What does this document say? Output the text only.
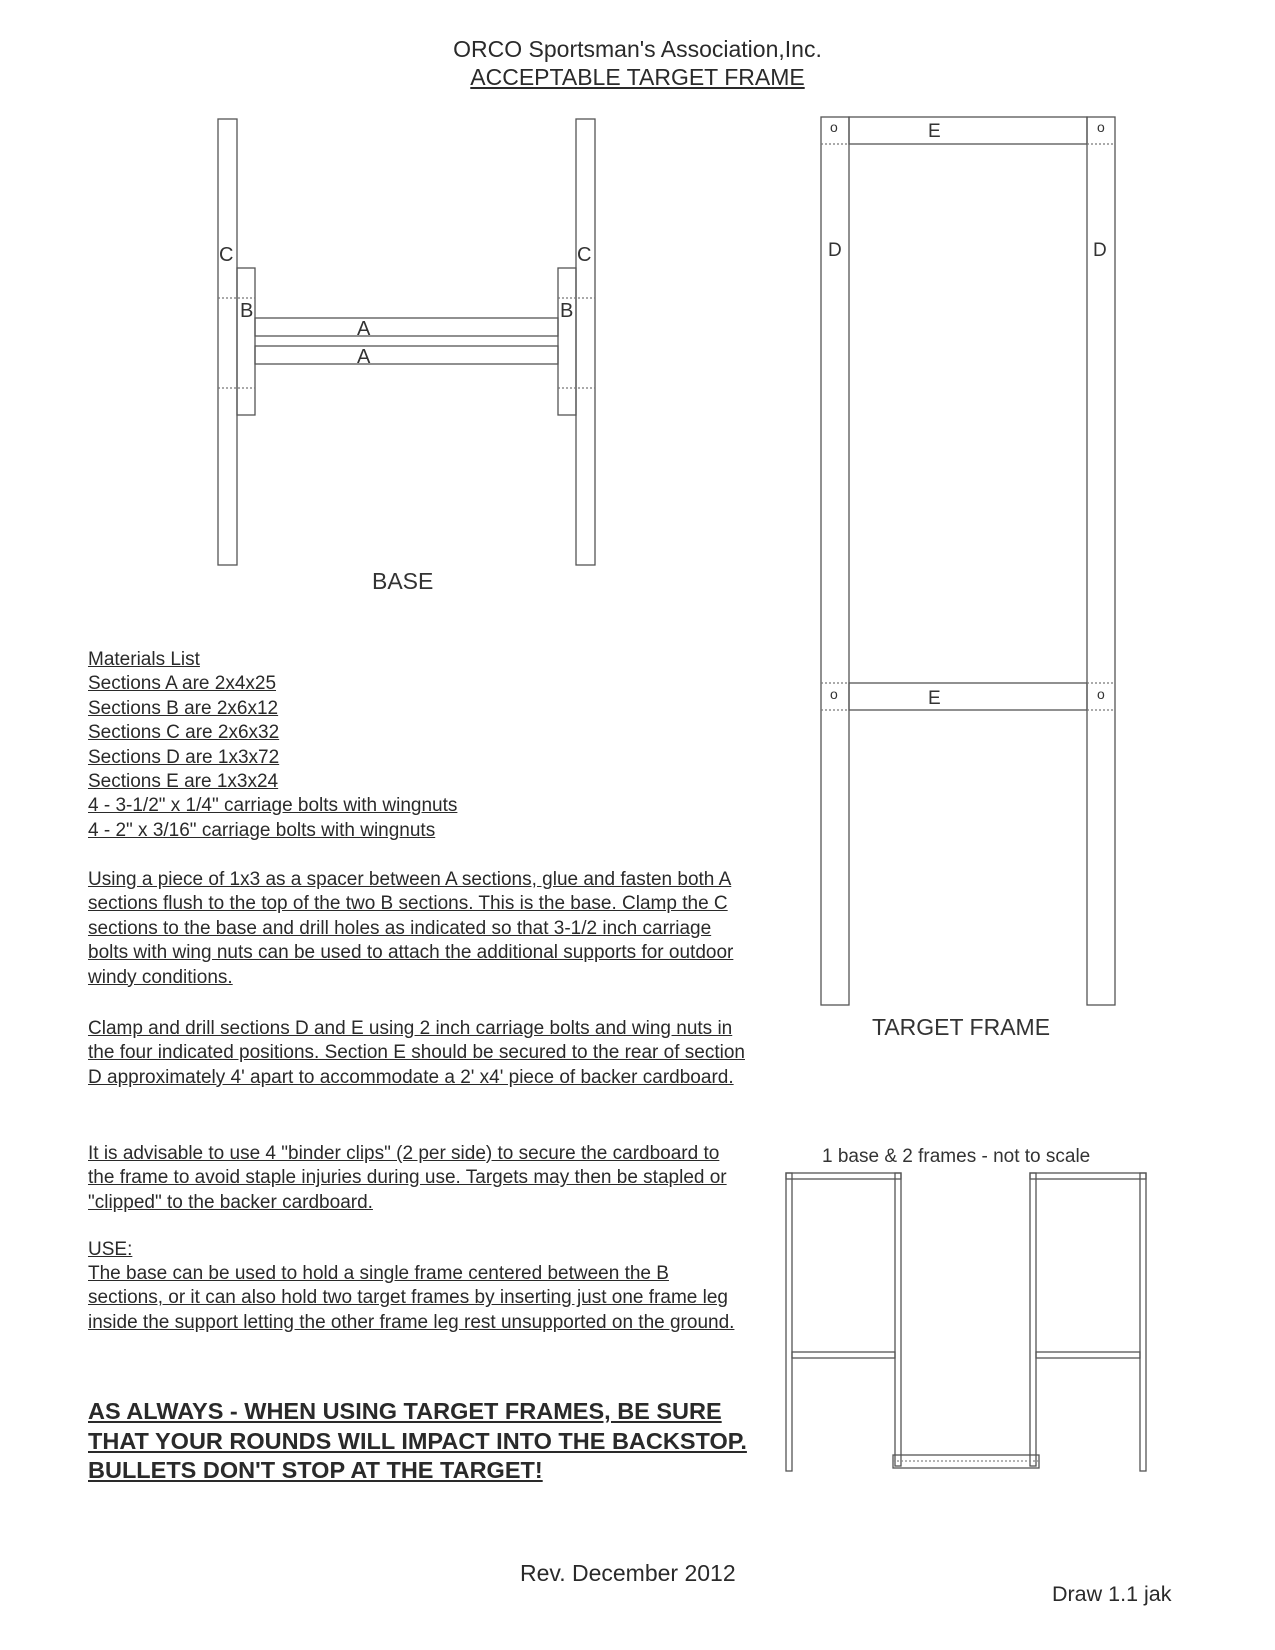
ORCO Sportsman's Association,Inc.
ACCEPTABLE TARGET FRAME
C	C
B	B
A
A
BASE
E
E
D	D
o	o
o	o
TARGET FRAME
1 base & 2 frames - not to scale
Materials List
Sections A are 2x4x25
Sections B are 2x6x12
Sections C are 2x6x32
Sections D are 1x3x72
Sections E are 1x3x24
4 - 3-1/2" x 1/4" carriage bolts with wingnuts
4 - 2" x 3/16" carriage bolts with wingnuts
Using a piece of 1x3 as a spacer between A sections, glue and fasten both A sections flush to the top of the two B sections. This is the base. Clamp the C sections to the base and drill holes as indicated so that 3-1/2 inch carriage bolts with wing nuts can be used to attach the additional supports for outdoor windy conditions.
Clamp and drill sections D and E using 2 inch carriage bolts and wing nuts in the four indicated positions. Section E should be secured to the rear of section D approximately 4' apart to accommodate a 2' x4' piece of backer cardboard.
It is advisable to use 4 "binder clips" (2 per side) to secure the cardboard to the frame to avoid staple injuries during use. Targets may then be stapled or "clipped" to the backer cardboard.
USE:
The base can be used to hold a single frame centered between the B sections, or it can also hold two target frames by inserting just one frame leg inside the support letting the other frame leg rest unsupported on the ground.
AS ALWAYS - WHEN USING TARGET FRAMES, BE SURE THAT YOUR ROUNDS WILL IMPACT INTO THE BACKSTOP. BULLETS DON'T STOP AT THE TARGET!
Rev. December 2012
Draw 1.1 jak
